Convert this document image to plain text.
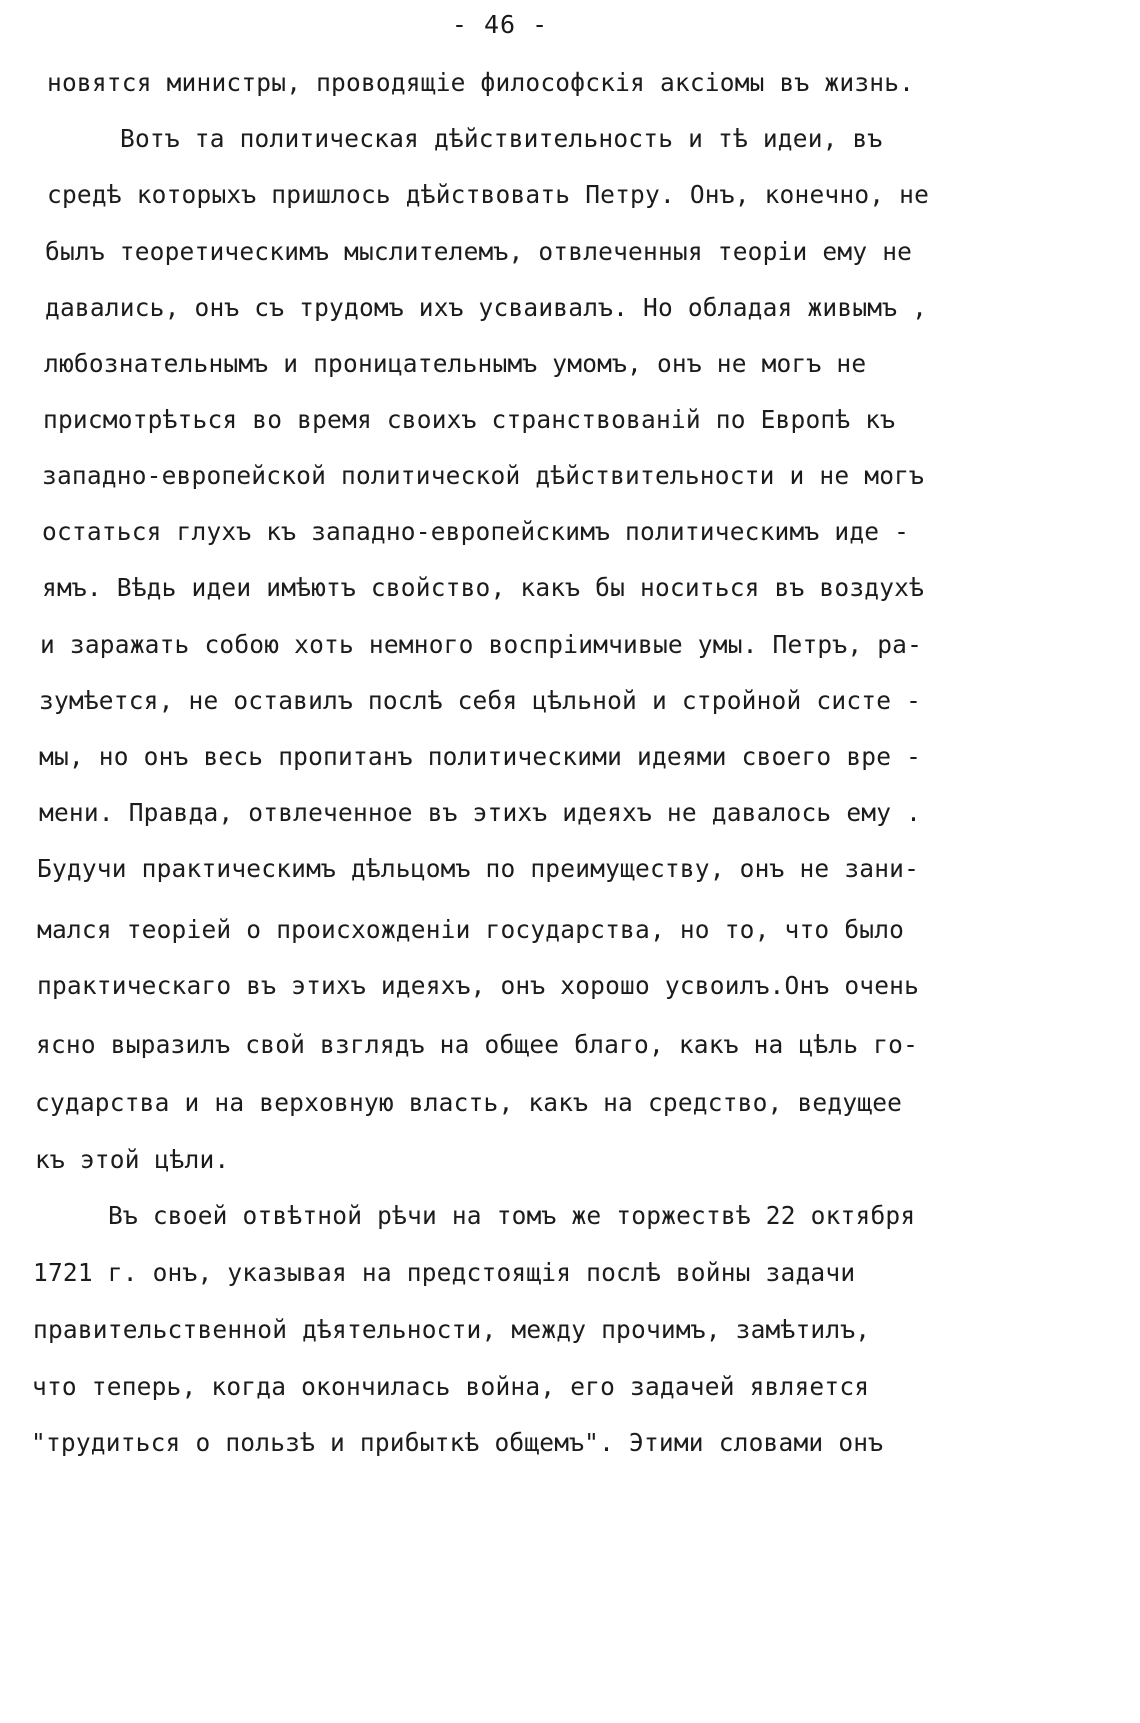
- 46 -
новятся министры, проводящіе философскія аксіомы въ жизнь.
Вотъ та политическая дѣйствительность и тѣ идеи, въ
средѣ которыхъ пришлось дѣйствовать Петру. Онъ, конечно, не
былъ теоретическимъ мыслителемъ, отвлеченныя теоріи ему не
давались, онъ съ трудомъ ихъ усваивалъ. Но обладая живымъ ,
любознательнымъ и проницательнымъ умомъ, онъ не могъ не
присмотрѣться во время своихъ странствованій по Европѣ къ
западно-европейской политической дѣйствительности и не могъ
остаться глухъ къ западно-европейскимъ политическимъ иде -
ямъ. Вѣдь идеи имѣютъ свойство, какъ бы носиться въ воздухѣ
и заражать собою хоть немного воспріимчивые умы. Петръ, ра-
зумѣется, не оставилъ послѣ себя цѣльной и стройной систе -
мы, но онъ весь пропитанъ политическими идеями своего вре -
мени. Правда, отвлеченное въ этихъ идеяхъ не давалось ему .
Будучи практическимъ дѣльцомъ по преимуществу, онъ не зани-
мался теоріей о происхожденіи государства, но то, что было
практическаго въ этихъ идеяхъ, онъ хорошо усвоилъ.Онъ очень
ясно выразилъ свой взглядъ на общее благо, какъ на цѣль го-
сударства и на верховную власть, какъ на средство, ведущее
къ этой цѣли.
Въ своей отвѣтной рѣчи на томъ же торжествѣ 22 октября
1721 г. онъ, указывая на предстоящія послѣ войны задачи
правительственной дѣятельности, между прочимъ, замѣтилъ,
что теперь, когда окончилась война, его задачей является
"трудиться о пользѣ и прибыткѣ общемъ". Этими словами онъ
